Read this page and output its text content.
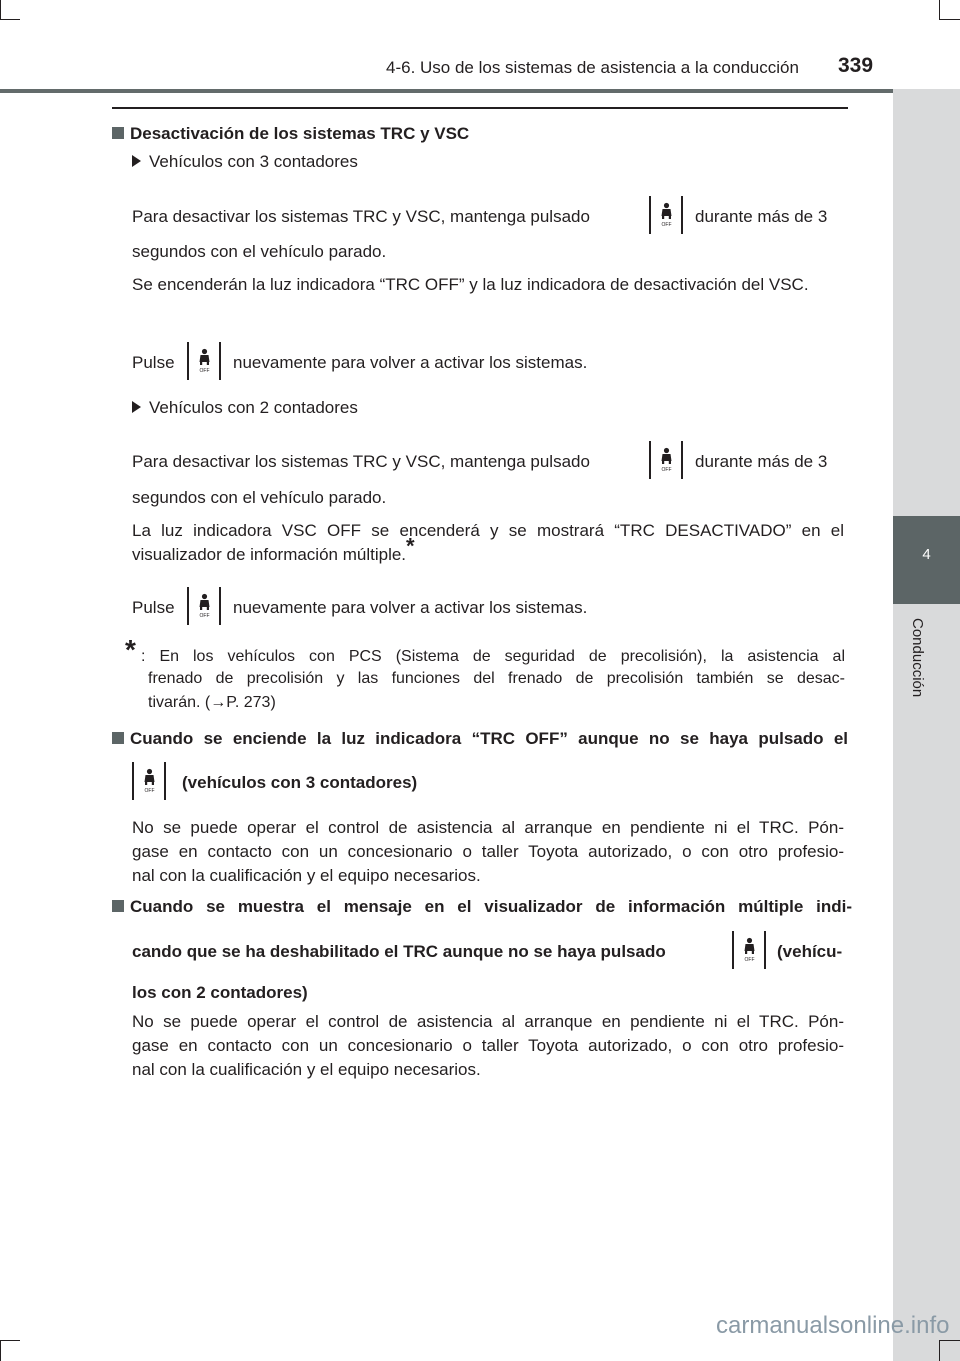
4-6. Uso de los sistemas de asistencia a la conducción 339
4
Conducción
Desactivación de los sistemas TRC y VSC
Vehículos con 3 contadores
Para desactivar los sistemas TRC y VSC, mantenga pulsado	OFF durante más de 3
segundos con el vehículo parado.
Se encenderán la luz indicadora “TRC OFF” y la luz indicadora de desactivación del VSC.
Pulse	OFF nuevamente para volver a activar los sistemas.
Vehículos con 2 contadores
Para desactivar los sistemas TRC y VSC, mantenga pulsado	OFF durante más de 3
segundos con el vehículo parado.
La luz indicadora VSC OFF se encenderá y se mostrará “TRC DESACTIVADO” en el visualizador de información múltiple.*
Pulse	OFF nuevamente para volver a activar los sistemas.
* : En los vehículos con PCS (Sistema de seguridad de precolisión), la asistencia al
frenado de precolisión y las funciones del frenado de precolisión también se desac-
tivarán. (→P. 273)
Cuando se enciende la luz indicadora “TRC OFF” aunque no se haya pulsado el
OFF (vehículos con 3 contadores)
No se puede operar el control de asistencia al arranque en pendiente ni el TRC. Pón-
gase en contacto con un concesionario o taller Toyota autorizado, o con otro profesio-
nal con la cualificación y el equipo necesarios.
Cuando se muestra el mensaje en el visualizador de información múltiple indi-
cando que se ha deshabilitado el TRC aunque no se haya pulsado	OFF (vehícu-
los con 2 contadores)
No se puede operar el control de asistencia al arranque en pendiente ni el TRC. Pón-
gase en contacto con un concesionario o taller Toyota autorizado, o con otro profesio-
nal con la cualificación y el equipo necesarios.
carmanualsonline.info
